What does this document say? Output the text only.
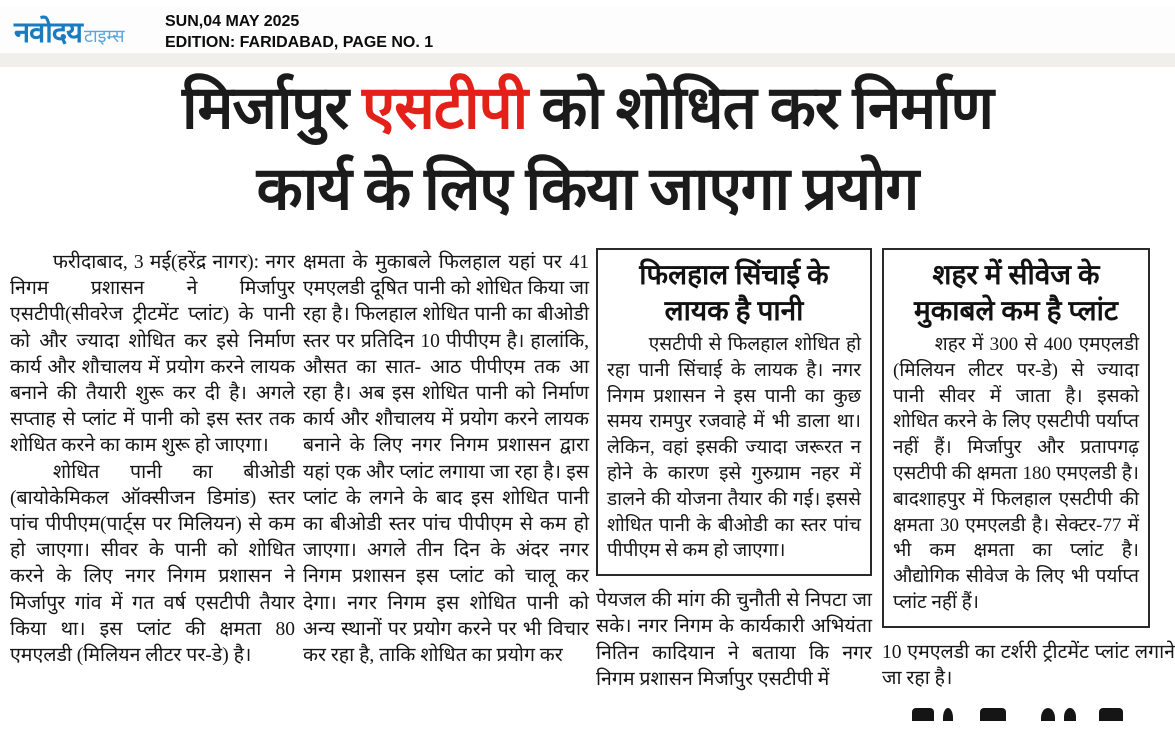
नवोदय टाइम्स
SUN,04 MAY 2025
EDITION: FARIDABAD, PAGE NO. 1
मिर्जापुर एसटीपी को शोधित कर निर्माण
कार्य के लिए किया जाएगा प्रयोग

फरीदाबाद, 3 मई(हरेंद्र नागर): नगर निगम प्रशासन ने मिर्जापुर एसटीपी(सीवरेज ट्रीटमेंट प्लांट) के पानी को और ज्यादा शोधित कर इसे निर्माण कार्य और शौचालय में प्रयोग करने लायक बनाने की तैयारी शुरू कर दी है। अगले सप्ताह से प्लांट में पानी को इस स्तर तक शोधित करने का काम शुरू हो जाएगा।

शोधित पानी का बीओडी (बायोकेमिकल ऑक्सीजन डिमांड) स्तर पांच पीपीएम(पार्ट्स पर मिलियन) से कम हो जाएगा। सीवर के पानी को शोधित करने के लिए नगर निगम प्रशासन ने मिर्जापुर गांव में गत वर्ष एसटीपी तैयार किया था। इस प्लांट की क्षमता 80 एमएलडी (मिलियन लीटर पर-डे) है।

क्षमता के मुकाबले फिलहाल यहां पर 41 एमएलडी दूषित पानी को शोधित किया जा रहा है। फिलहाल शोधित पानी का बीओडी स्तर पर प्रतिदिन 10 पीपीएम है। हालांकि, औसत का सात- आठ पीपीएम तक आ रहा है। अब इस शोधित पानी को निर्माण कार्य और शौचालय में प्रयोग करने लायक बनाने के लिए नगर निगम प्रशासन द्वारा यहां एक और प्लांट लगाया जा रहा है। इस प्लांट के लगने के बाद इस शोधित पानी का बीओडी स्तर पांच पीपीएम से कम हो जाएगा। अगले तीन दिन के अंदर नगर निगम प्रशासन इस प्लांट को चालू कर देगा। नगर निगम इस शोधित पानी को अन्य स्थानों पर प्रयोग करने पर भी विचार कर रहा है, ताकि शोधित का प्रयोग कर

फिलहाल सिंचाई के
लायक है पानी

एसटीपी से फिलहाल शोधित हो रहा पानी सिंचाई के लायक है। नगर निगम प्रशासन ने इस पानी का कुछ समय रामपुर रजवाहे में भी डाला था। लेकिन, वहां इसकी ज्यादा जरूरत न होने के कारण इसे गुरुग्राम नहर में डालने की योजना तैयार की गई। इससे शोधित पानी के बीओडी का स्तर पांच पीपीएम से कम हो जाएगा।

पेयजल की मांग की चुनौती से निपटा जा सके। नगर निगम के कार्यकारी अभियंता नितिन कादियान ने बताया कि नगर निगम प्रशासन मिर्जापुर एसटीपी में

शहर में सीवेज के
मुकाबले कम है प्लांट

शहर में 300 से 400 एमएलडी (मिलियन लीटर पर-डे) से ज्यादा पानी सीवर में जाता है। इसको शोधित करने के लिए एसटीपी पर्याप्त नहीं हैं। मिर्जापुर और प्रतापगढ़ एसटीपी की क्षमता 180 एमएलडी है। बादशाहपुर में फिलहाल एसटीपी की क्षमता 30 एमएलडी है। सेक्टर-77 में भी कम क्षमता का प्लांट है। औद्योगिक सीवेज के लिए भी पर्याप्त प्लांट नहीं हैं।

10 एमएलडी का टर्शरी ट्रीटमेंट प्लांट लगाने जा रहा है।
